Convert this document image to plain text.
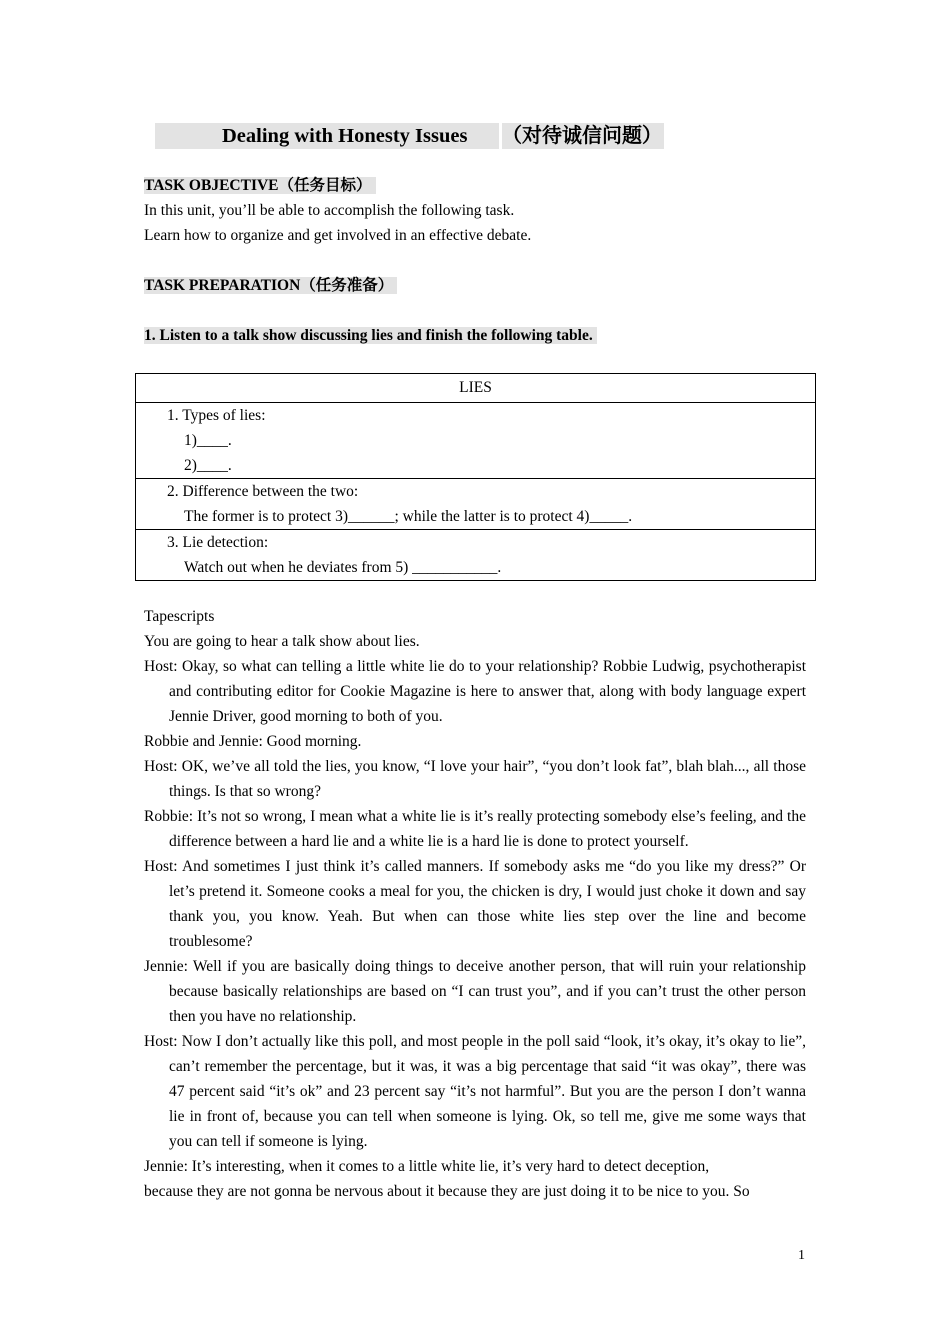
Dealing with Honesty Issues	（对待诚信问题）
TASK OBJECTIVE（任务目标）
In this unit, you’ll be able to accomplish the following task.
Learn how to organize and get involved in an effective debate.
TASK PREPARATION（任务准备）
1. Listen to a talk show discussing lies and finish the following table.
LIES

1. Types of lies:
1)____.
2)____.

2. Difference between the two:
The former is to protect 3)______; while the latter is to protect 4)_____.

3. Lie detection:
Watch out when he deviates from 5) ___________.

Tapescripts

You are going to hear a talk show about lies.

Host: Okay, so what can telling a little white lie do to your relationship? Robbie Ludwig, psychotherapist and contributing editor for Cookie Magazine is here to answer that, along with body language expert Jennie Driver, good morning to both of you.

Robbie and Jennie: Good morning.

Host: OK, we’ve all told the lies, you know, “I love your hair”, “you don’t look fat”, blah blah..., all those things. Is that so wrong?

Robbie: It’s not so wrong, I mean what a white lie is it’s really protecting somebody else’s feeling, and the difference between a hard lie and a white lie is a hard lie is done to protect yourself.

Host: And sometimes I just think it’s called manners. If somebody asks me “do you like my dress?” Or let’s pretend it. Someone cooks a meal for you, the chicken is dry, I would just choke it down and say thank you, you know. Yeah. But when can those white lies step over the line and become troublesome?

Jennie: Well if you are basically doing things to deceive another person, that will ruin your relationship because basically relationships are based on “I can trust you”, and if you can’t trust the other person then you have no relationship.

Host: Now I don’t actually like this poll, and most people in the poll said “look, it’s okay, it’s okay to lie”, can’t remember the percentage, but it was, it was a big percentage that said “it was okay”, there was 47 percent said “it’s ok” and 23 percent say “it’s not harmful”. But you are the person I don’t wanna lie in front of, because you can tell when someone is lying. Ok, so tell me, give me some ways that you can tell if someone is lying.

Jennie: It’s interesting, when it comes to a little white lie, it’s very hard to detect deception,

because they are not gonna be nervous about it because they are just doing it to be nice to you. So

1
